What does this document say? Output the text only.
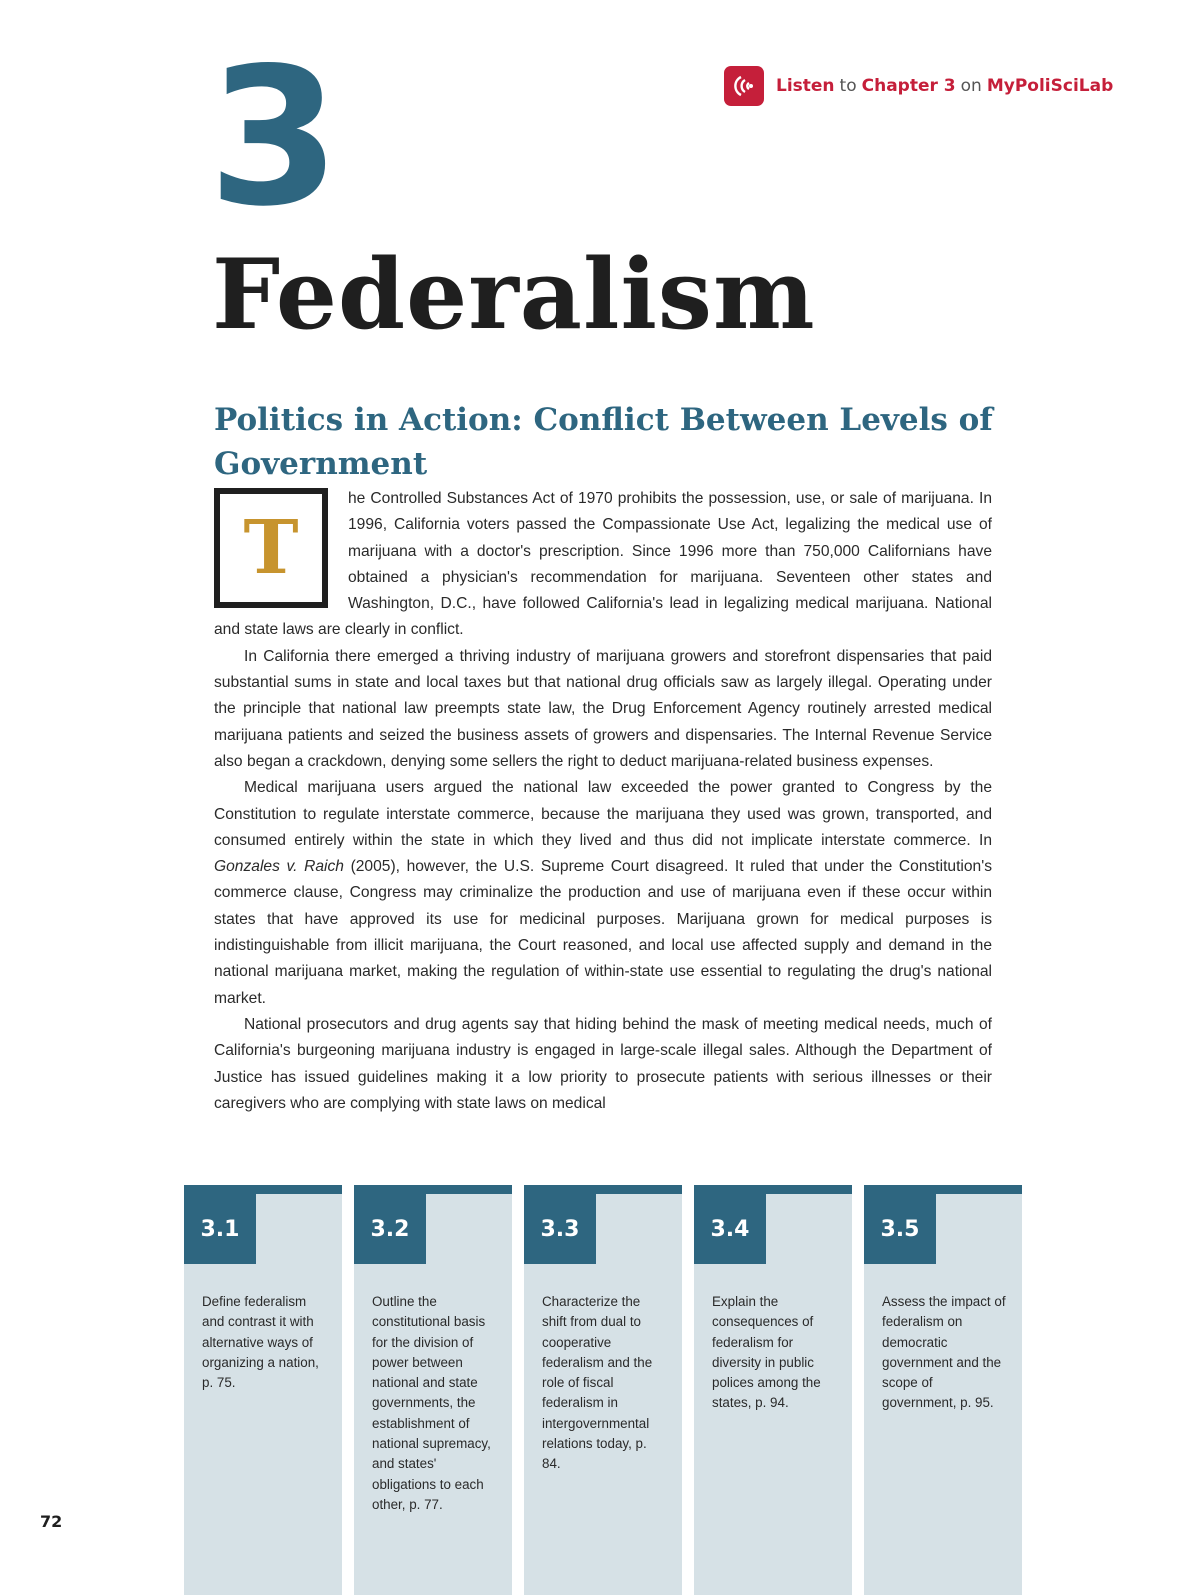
3	Listen to Chapter 3 on MyPoliSciLab
Federalism
Politics in Action: Conflict Between Levels of Government
T

he Controlled Substances Act of 1970 prohibits the possession, use, or sale of marijuana. In 1996, California voters passed the Compassionate Use Act, legalizing the medical use of marijuana with a doctor's prescription. Since 1996 more than 750,000 Californians have obtained a physician's recommendation for marijuana. Seventeen other states and Washington, D.C., have followed California's lead in legalizing medical marijuana. National and state laws are clearly in conflict.

In California there emerged a thriving industry of marijuana growers and storefront dispensaries that paid substantial sums in state and local taxes but that national drug officials saw as largely illegal. Operating under the principle that national law preempts state law, the Drug Enforcement Agency routinely arrested medical marijuana patients and seized the business assets of growers and dispensaries. The Internal Revenue Service also began a crackdown, denying some sellers the right to deduct marijuana-related business expenses.

Medical marijuana users argued the national law exceeded the power granted to Congress by the Constitution to regulate interstate commerce, because the marijuana they used was grown, transported, and consumed entirely within the state in which they lived and thus did not implicate interstate commerce. In Gonzales v. Raich (2005), however, the U.S. Supreme Court disagreed. It ruled that under the Constitution's commerce clause, Congress may criminalize the production and use of marijuana even if these occur within states that have approved its use for medicinal purposes. Marijuana grown for medical purposes is indistinguishable from illicit marijuana, the Court reasoned, and local use affected supply and demand in the national marijuana market, making the regulation of within-state use essential to regulating the drug's national market.

National prosecutors and drug agents say that hiding behind the mask of meeting medical needs, much of California's burgeoning marijuana industry is engaged in large-scale illegal sales. Although the Department of Justice has issued guidelines making it a low priority to prosecute patients with serious illnesses or their caregivers who are complying with state laws on medical

3.1
Define federalism and contrast it with alternative ways of organizing a nation, p. 75.
3.2
Outline the constitutional basis for the division of power between national and state governments, the establishment of national supremacy, and states' obligations to each other, p. 77.
3.3
Characterize the shift from dual to cooperative federalism and the role of fiscal federalism in intergovernmental relations today, p. 84.
3.4
Explain the consequences of federalism for diversity in public polices among the states, p. 94.
3.5
Assess the impact of federalism on democratic government and the scope of government, p. 95.
72
